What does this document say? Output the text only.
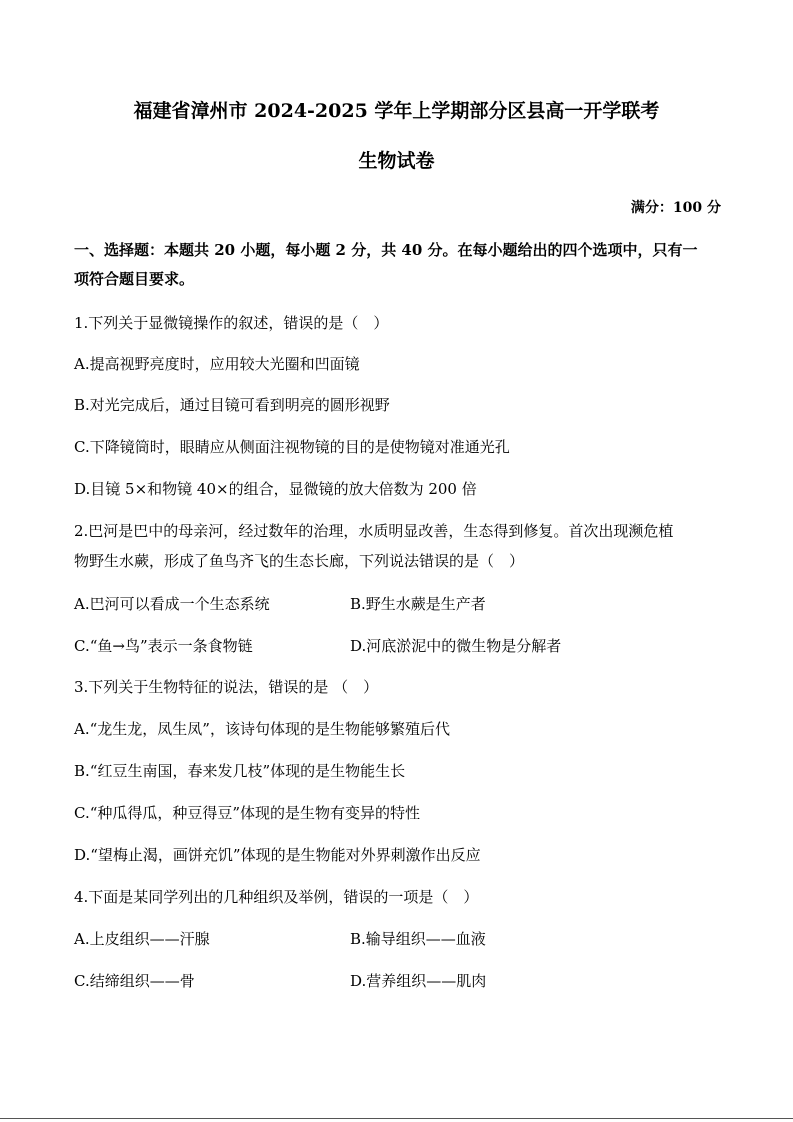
福建省漳州市 2024-2025 学年上学期部分区县高一开学联考
生物试卷
满分：100 分
一、选择题：本题共 20 小题，每小题 2 分，共 40 分。在每小题给出的四个选项中，只有一
项符合题目要求。
1.下列关于显微镜操作的叙述，错误的是（　）
A.提高视野亮度时，应用较大光圈和凹面镜
B.对光完成后，通过目镜可看到明亮的圆形视野
C.下降镜筒时，眼睛应从侧面注视物镜的目的是使物镜对准通光孔
D.目镜 5×和物镜 40×的组合，显微镜的放大倍数为 200 倍
2.巴河是巴中的母亲河，经过数年的治理，水质明显改善，生态得到修复。首次出现濒危植
物野生水蕨，形成了鱼鸟齐飞的生态长廊，下列说法错误的是（　）
A.巴河可以看成一个生态系统	B.野生水蕨是生产者
C.“鱼→鸟”表示一条食物链	D.河底淤泥中的微生物是分解者
3.下列关于生物特征的说法，错误的是 （　）
A.“龙生龙，凤生凤”，该诗句体现的是生物能够繁殖后代
B.“红豆生南国，春来发几枝”体现的是生物能生长
C.“种瓜得瓜，种豆得豆”体现的是生物有变异的特性
D.“望梅止渴，画饼充饥”体现的是生物能对外界刺激作出反应
4.下面是某同学列出的几种组织及举例，错误的一项是（　）
A.上皮组织——汗腺	B.输导组织——血液
C.结缔组织——骨	D.营养组织——肌肉
